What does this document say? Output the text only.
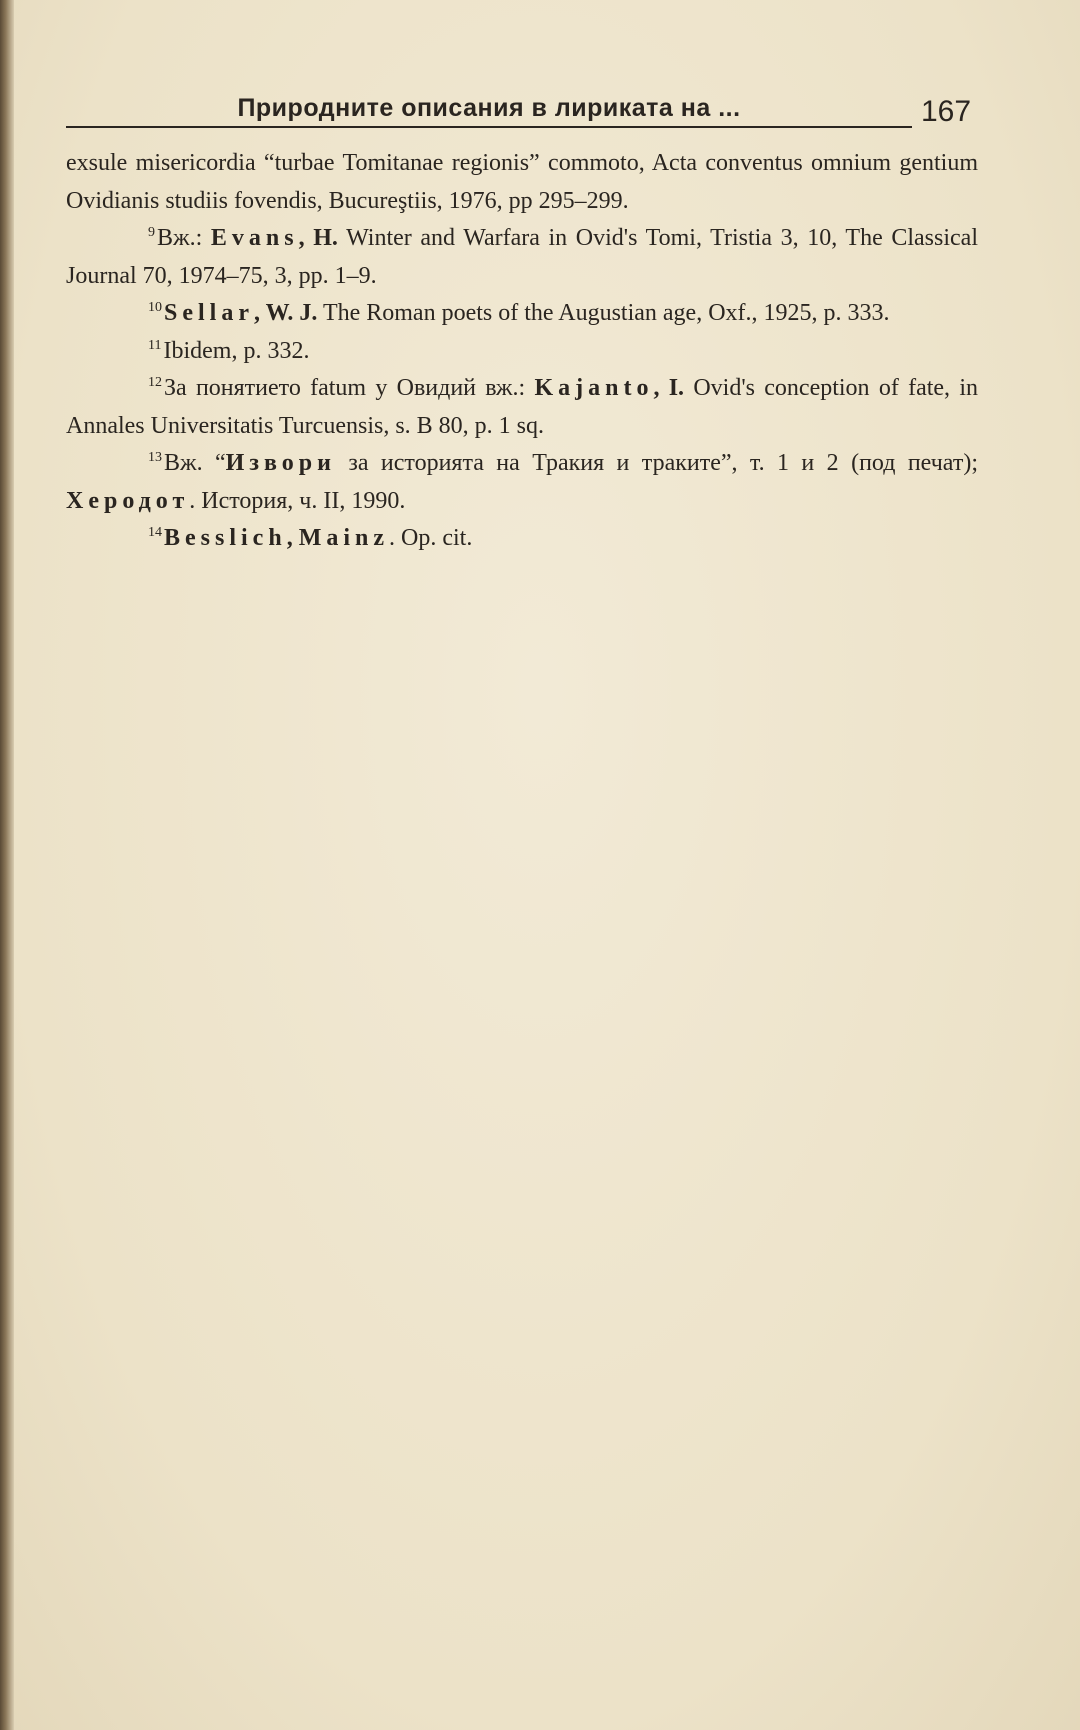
Природните описания в лириката на ...	167

exsule misericordia “turbae Tomitanae regionis” commoto, Acta conventus omnium gentium Ovidianis studiis fovendis, Bucureştiis, 1976, pp 295–299.

$^9$Вж.: Evans, H. Winter and Warfara in Ovid's Tomi, Tristia 3, 10, The Classical Journal 70, 1974–75, 3, pp. 1–9.

$^{10}$Sellar, W. J. The Roman poets of the Augustian age, Oxf., 1925, p. 333.

$^{11}$Ibidem, p. 332.

$^{12}$За понятието fatum у Овидий вж.: Kajanto, I. Ovid's conception of fate, in Annales Universitatis Turcuensis, s. B 80, p. 1 sq.

$^{13}$Вж. “Извори за историята на Тракия и траките”, т. 1 и 2 (под печат); Херодот. История, ч. II, 1990.

$^{14}$Besslich, Mainz. Op. cit.
